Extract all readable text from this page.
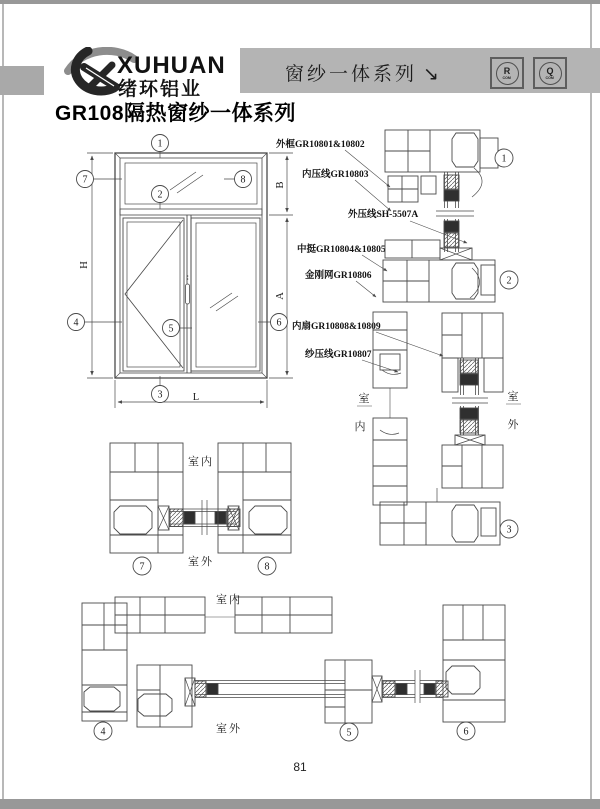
XUHUAN
绪环铝业
窗纱一体系列 ↘	R
COM
Q
COM
GR108隔热窗纱一体系列
H
L
B
A
1
2
3
4
5
6
7	8
外框GR10801&10802
内压线GR10803
外压线SH-5507A
中挺GR10804&10805
金刚网GR10806
内扇GR10808&10809
纱压线GR10807
室
内
室
外
1
2
3
室内
室外
7	8
室内
室外
4	5	6
81
